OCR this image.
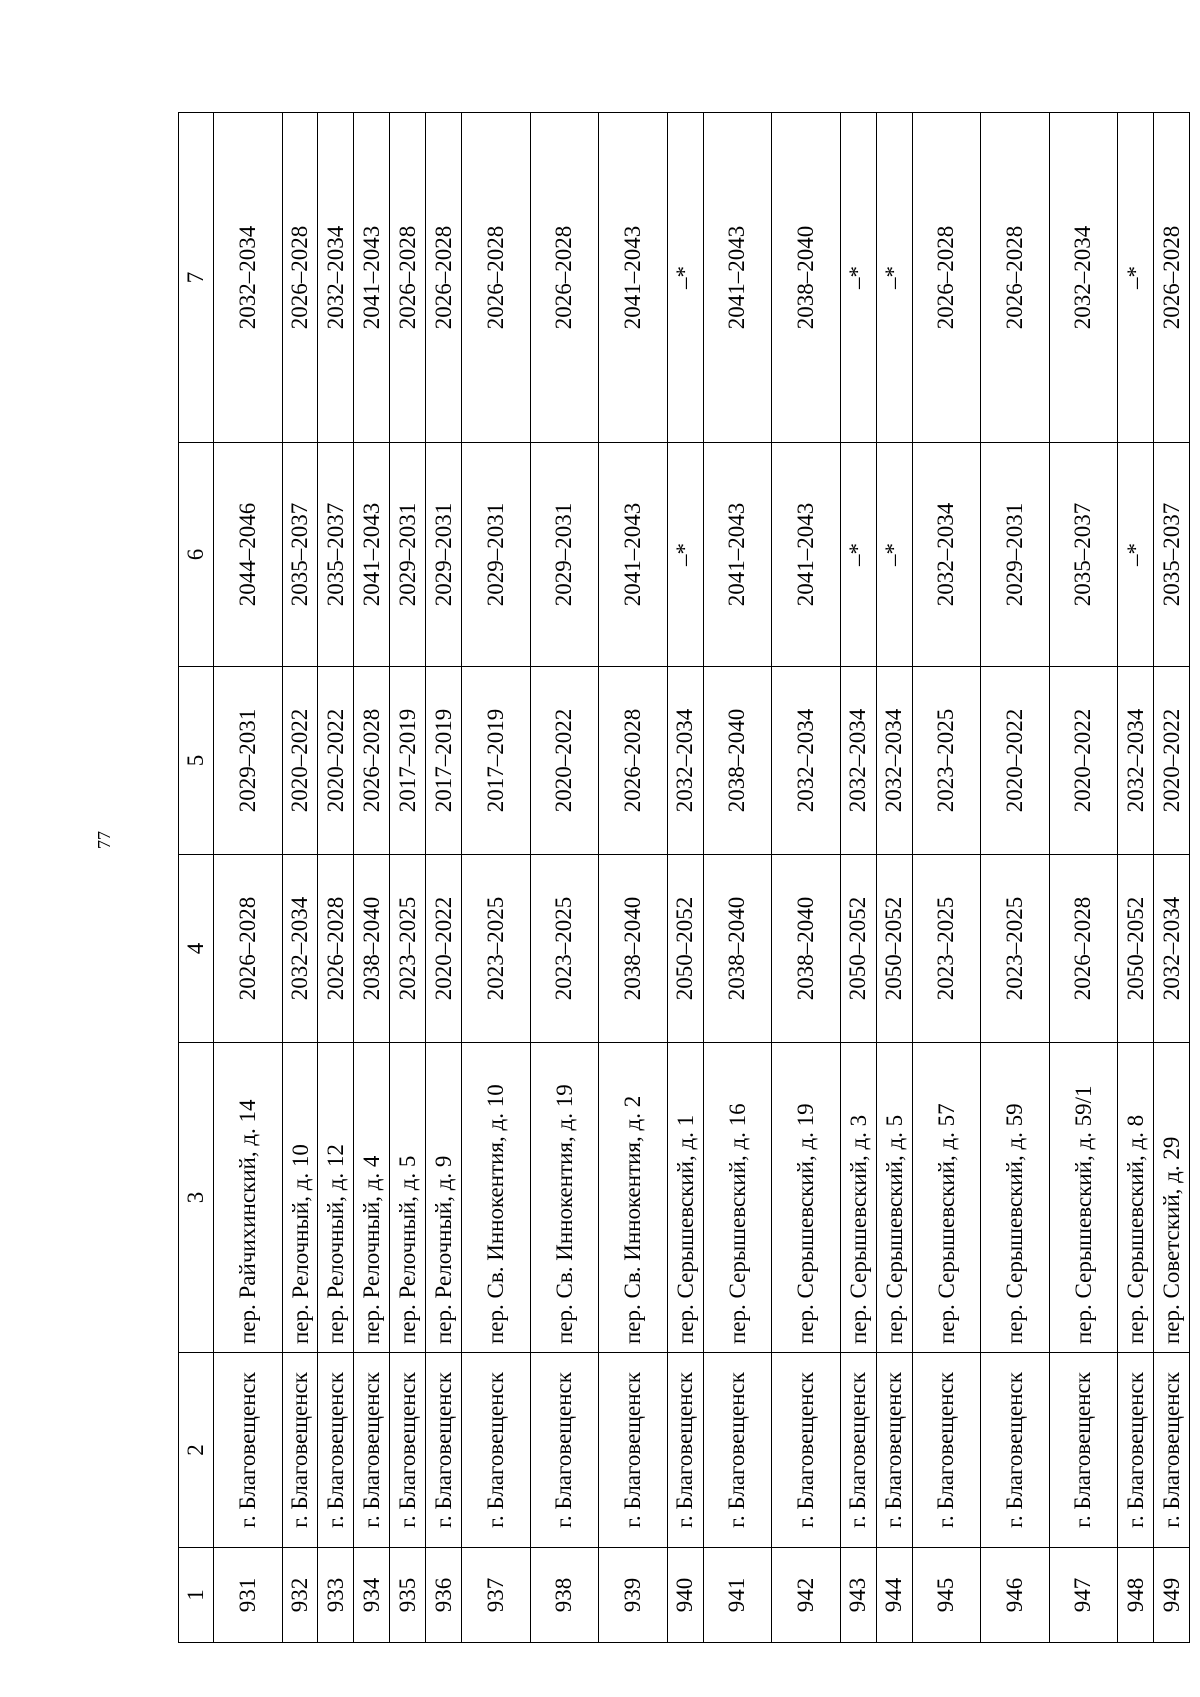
77
1	2	3	4	5	6	7
931	г. Благовещенск	пер. Райчихинский, д. 14	2026–2028	2029–2031	2044–2046	2032–2034
932	г. Благовещенск	пер. Релочный, д. 10	2032–2034	2020–2022	2035–2037	2026–2028
933	г. Благовещенск	пер. Релочный, д. 12	2026–2028	2020–2022	2035–2037	2032–2034
934	г. Благовещенск	пер. Релочный, д. 4	2038–2040	2026–2028	2041–2043	2041–2043
935	г. Благовещенск	пер. Релочный, д. 5	2023–2025	2017–2019	2029–2031	2026–2028
936	г. Благовещенск	пер. Релочный, д. 9	2020–2022	2017–2019	2029–2031	2026–2028
937	г. Благовещенск	пер. Св. Иннокентия, д. 10	2023–2025	2017–2019	2029–2031	2026–2028
938	г. Благовещенск	пер. Св. Иннокентия, д. 19	2023–2025	2020–2022	2029–2031	2026–2028
939	г. Благовещенск	пер. Св. Иннокентия, д. 2	2038–2040	2026–2028	2041–2043	2041–2043
940	г. Благовещенск	пер. Серышевский, д. 1	2050–2052	2032–2034	–*	–*
941	г. Благовещенск	пер. Серышевский, д. 16	2038–2040	2038–2040	2041–2043	2041–2043
942	г. Благовещенск	пер. Серышевский, д. 19	2038–2040	2032–2034	2041–2043	2038–2040
943	г. Благовещенск	пер. Серышевский, д. 3	2050–2052	2032–2034	–*	–*
944	г. Благовещенск	пер. Серышевский, д. 5	2050–2052	2032–2034	–*	–*
945	г. Благовещенск	пер. Серышевский, д. 57	2023–2025	2023–2025	2032–2034	2026–2028
946	г. Благовещенск	пер. Серышевский, д. 59	2023–2025	2020–2022	2029–2031	2026–2028
947	г. Благовещенск	пер. Серышевский, д. 59/1	2026–2028	2020–2022	2035–2037	2032–2034
948	г. Благовещенск	пер. Серышевский, д. 8	2050–2052	2032–2034	–*	–*
949	г. Благовещенск	пер. Советский, д. 29	2032–2034	2020–2022	2035–2037	2026–2028
